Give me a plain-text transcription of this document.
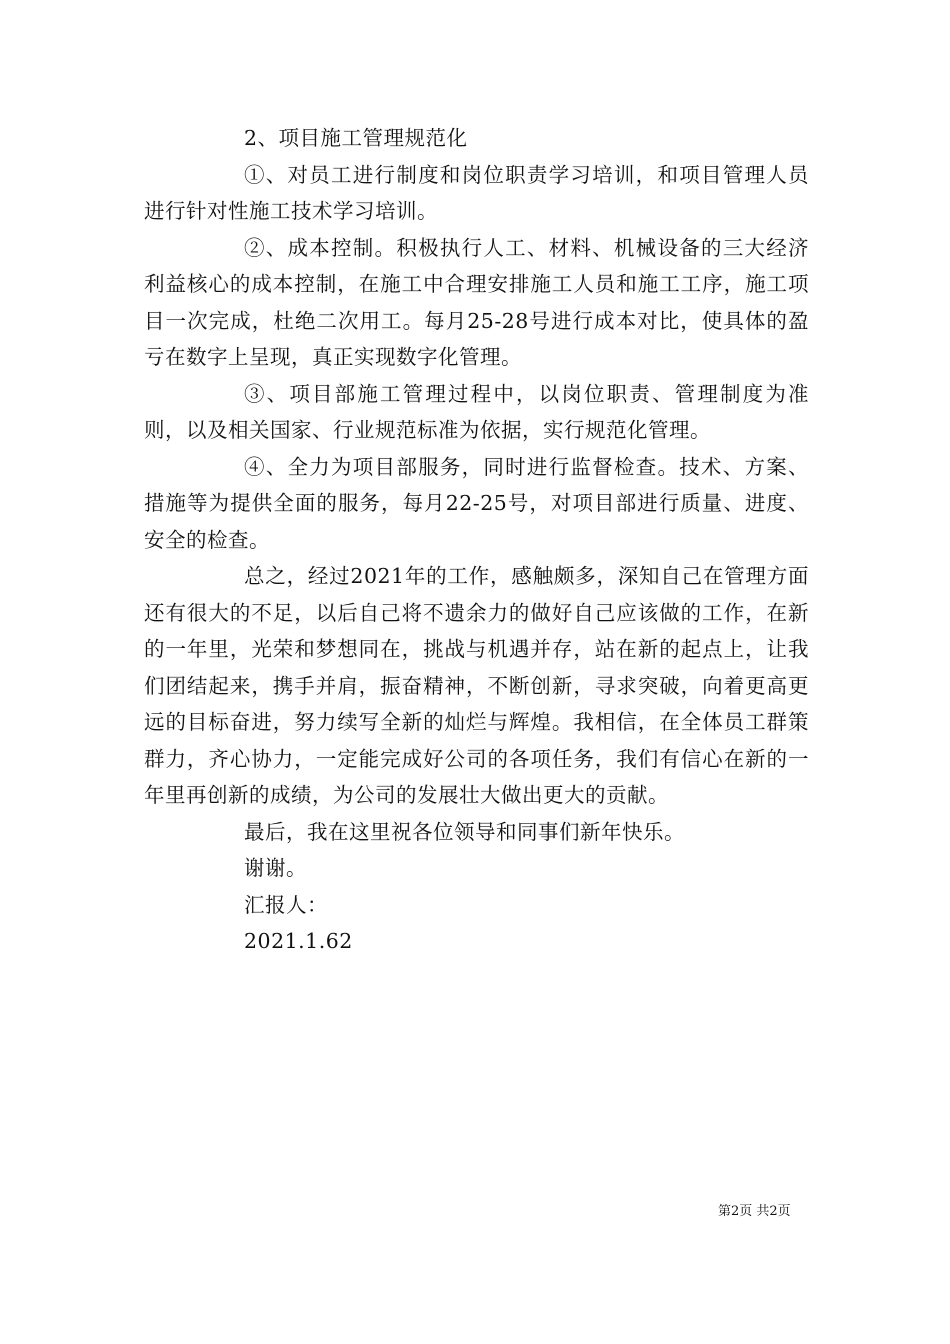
2、项目施工管理规范化

①、对员工进行制度和岗位职责学习培训，和项目管理人员进行针对性施工技术学习培训。

②、成本控制。积极执行人工、材料、机械设备的三大经济利益核心的成本控制，在施工中合理安排施工人员和施工工序，施工项目一次完成，杜绝二次用工。每月25-28号进行成本对比，使具体的盈亏在数字上呈现，真正实现数字化管理。

③、项目部施工管理过程中，以岗位职责、管理制度为准则，以及相关国家、行业规范标准为依据，实行规范化管理。

④、全力为项目部服务，同时进行监督检查。技术、方案、措施等为提供全面的服务，每月22-25号，对项目部进行质量、进度、安全的检查。

总之，经过2021年的工作，感触颇多，深知自己在管理方面还有很大的不足，以后自己将不遗余力的做好自己应该做的工作，在新的一年里，光荣和梦想同在，挑战与机遇并存，站在新的起点上，让我们团结起来，携手并肩，振奋精神，不断创新，寻求突破，向着更高更远的目标奋进，努力续写全新的灿烂与辉煌。我相信，在全体员工群策群力，齐心协力，一定能完成好公司的各项任务，我们有信心在新的一年里再创新的成绩，为公司的发展壮大做出更大的贡献。

最后，我在这里祝各位领导和同事们新年快乐。

谢谢。

汇报人：

2021.1.62

第2页 共2页
